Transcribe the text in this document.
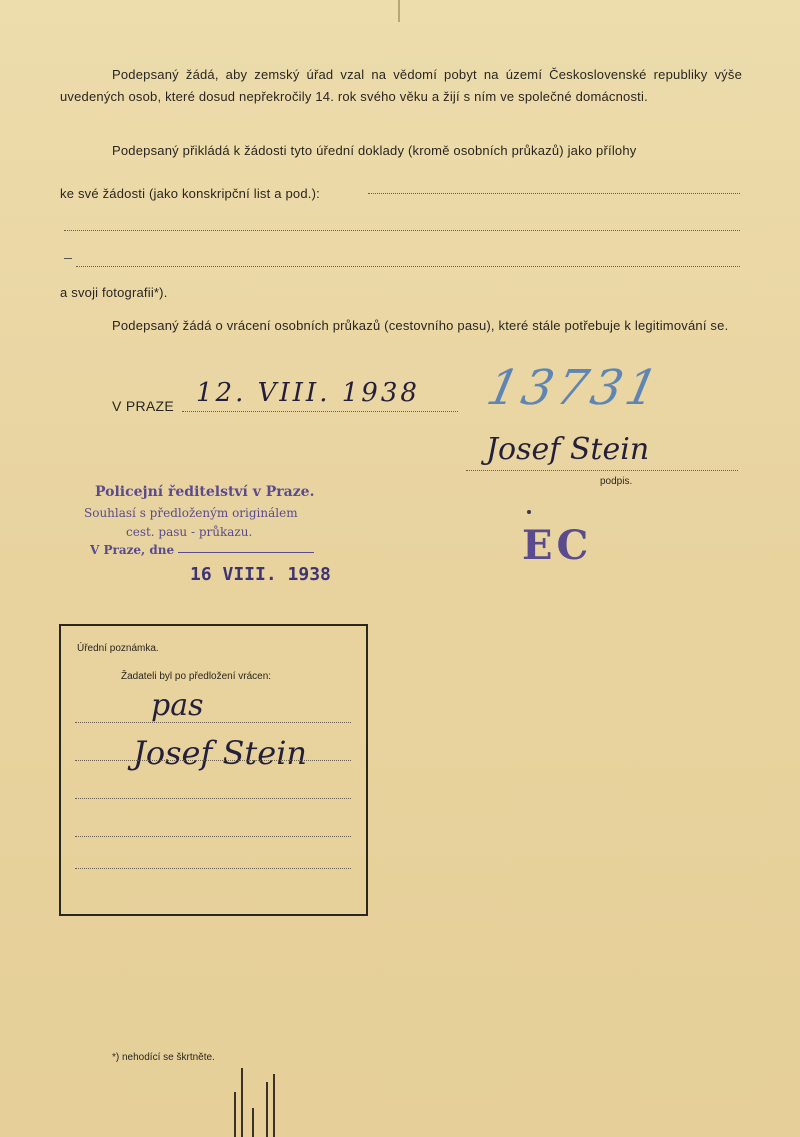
Podepsaný žádá, aby zemský úřad vzal na vědomí pobyt na území Československé republiky výše uvedených osob, které dosud nepřekročily 14. rok svého věku a žijí s ním ve společné domácnosti.
Podepsaný přikládá k žádosti tyto úřední doklady (kromě osobních průkazů) jako přílohy
ke své žádosti (jako konskripční list a pod.):
a svoji fotografii*).
Podepsaný žádá o vrácení osobních průkazů (cestovního pasu), které stále potřebuje k legitimování se.
V PRAZE 12. VIII. 1938 13731
Josef Stein
podpis.
Policejní ředitelství v Praze.
Souhlasí s předloženým originálem
cest. pasu - průkazu.
V Praze, dne
16 VIII. 1938
EC
Úřední poznámka.
Žadateli byl po předložení vrácen:
pas
Josef Stein
*) nehodící se škrtněte.
